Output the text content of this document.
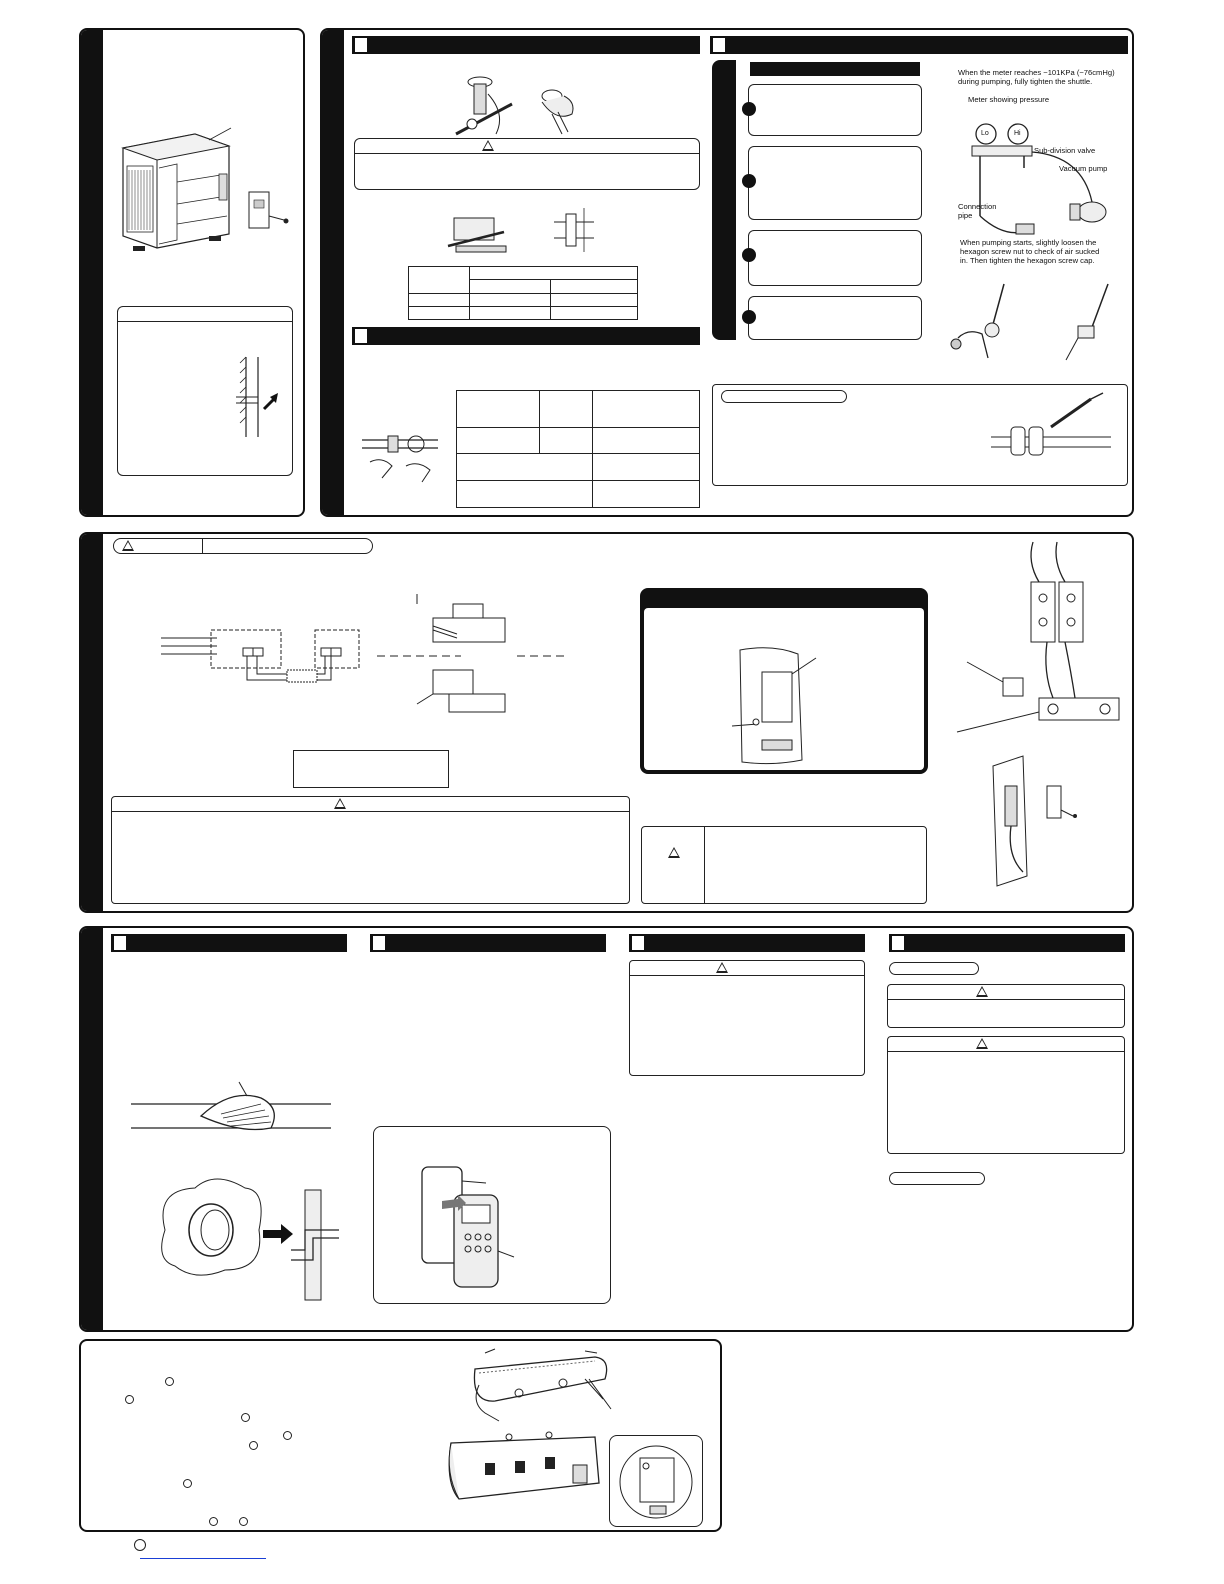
When the meter reaches −101KPa (−76cmHg)
during pumping, fully tighten the shuttle.
Meter showing pressure
Lo	Hi
Sub-division valve
Vacuum pump
Connection
pipe
When pumping starts, slightly loosen the
hexagon screw nut to check of air sucked
in. Then tighten the hexagon screw cap.
